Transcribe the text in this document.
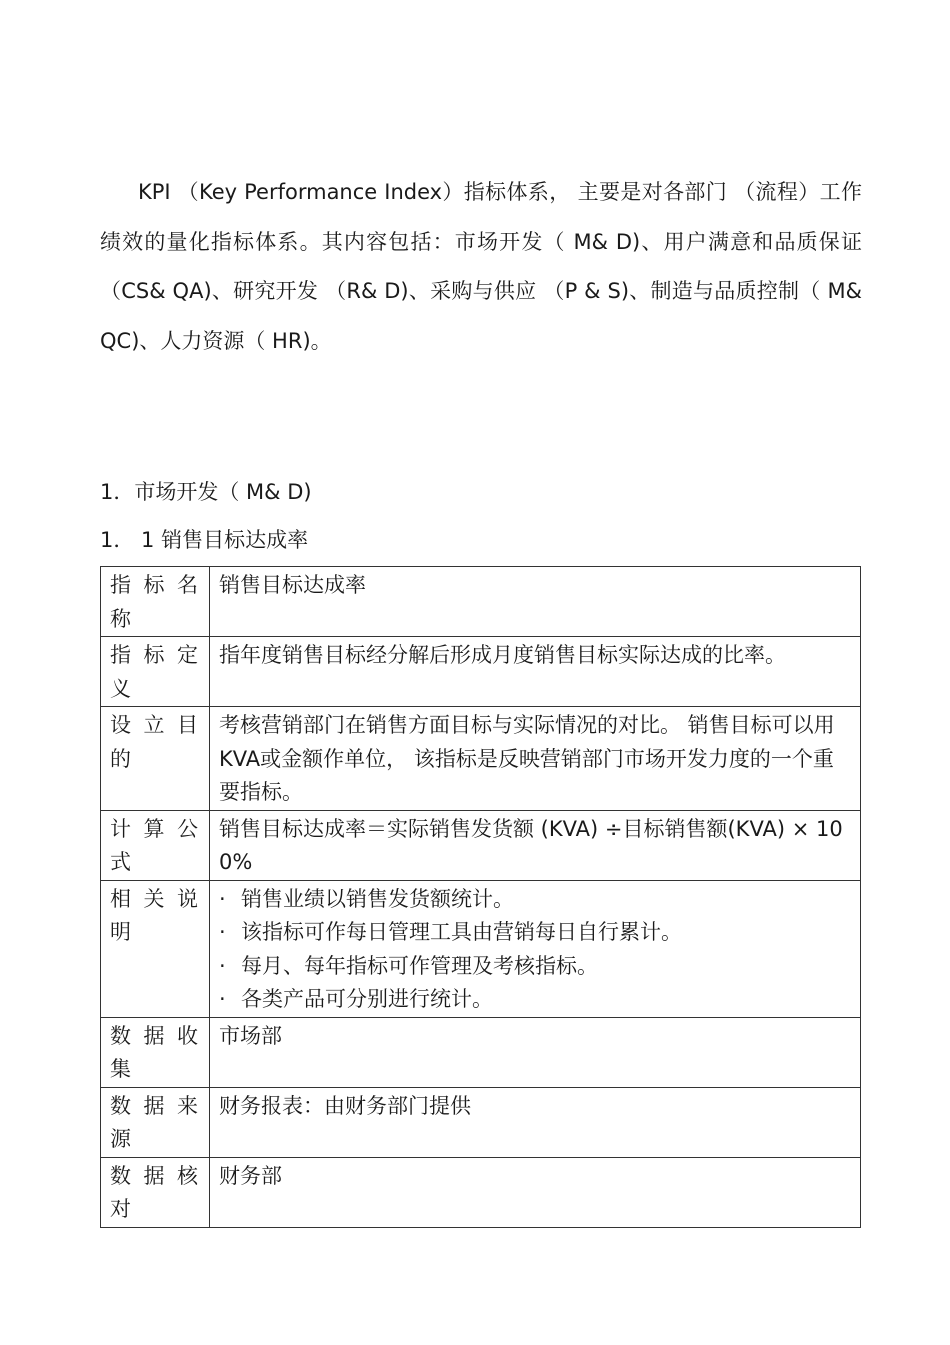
KPI （Key Performance Index）指标体系， 主要是对各部门 （流程）工作绩效的量化指标体系。其内容包括：市场开发（ M& D)、用户满意和品质保证 （CS& QA)、研究开发 （R& D)、采购与供应 （P & S)、制造与品质控制（ M& QC)、人力资源（ HR)。

1．市场开发（ M& D)
1． 1 销售目标达成率
指标名称	销售目标达成率
指标定义	指年度销售目标经分解后形成月度销售目标实际达成的比率。
设立目的	考核营销部门在销售方面目标与实际情况的对比。 销售目标可以用 KVA或金额作单位， 该指标是反映营销部门市场开发力度的一个重要指标。
计算公式	销售目标达成率＝实际销售发货额 (KVA) ÷目标销售额(KVA) × 100%
相关说明	· 销售业绩以销售发货额统计。
· 该指标可作每日管理工具由营销每日自行累计。
· 每月、每年指标可作管理及考核指标。
· 各类产品可分别进行统计。

数据收集	市场部
数据来源	财务报表：由财务部门提供
数据核对	财务部
